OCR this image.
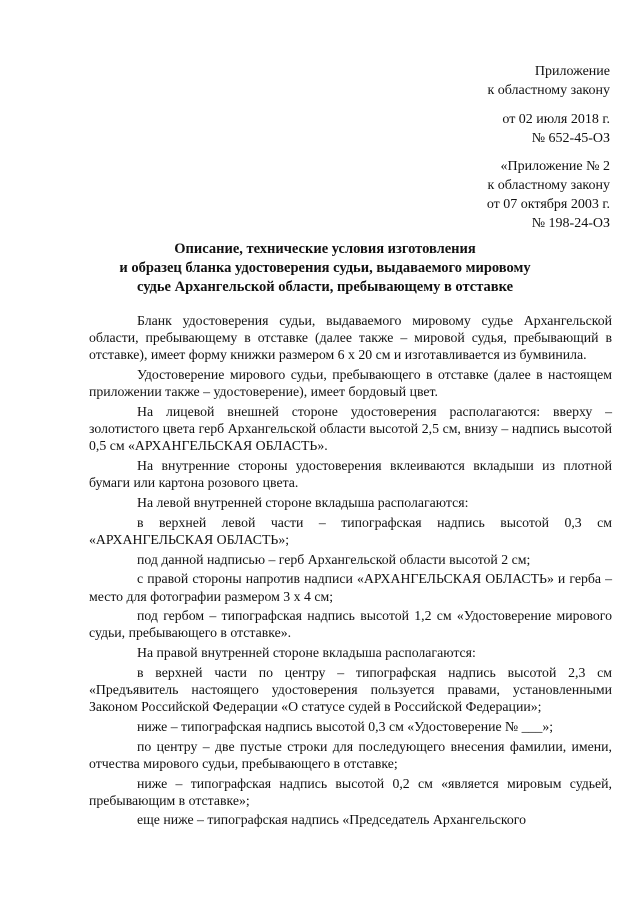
Приложение
к областному закону
от 02 июля 2018 г.
№ 652-45-ОЗ
«Приложение № 2
к областному закону
от 07 октября 2003 г.
№ 198-24-ОЗ
Описание, технические условия изготовления
и образец бланка удостоверения судьи, выдаваемого мировому
судье Архангельской области, пребывающему в отставке

Бланк удостоверения судьи, выдаваемого мировому судье Архангельской области, пребывающему в отставке (далее также – мировой судья, пребывающий в отставке), имеет форму книжки размером 6 х 20 см и изготавливается из бумвинила.

Удостоверение мирового судьи, пребывающего в отставке (далее в настоящем приложении также – удостоверение), имеет бордовый цвет.

На лицевой внешней стороне удостоверения располагаются: вверху – золотистого цвета герб Архангельской области высотой 2,5 см, внизу – надпись высотой 0,5 см «АРХАНГЕЛЬСКАЯ ОБЛАСТЬ».

На внутренние стороны удостоверения вклеиваются вкладыши из плотной бумаги или картона розового цвета.

На левой внутренней стороне вкладыша располагаются:

в верхней левой части – типографская надпись высотой 0,3 см «АРХАНГЕЛЬСКАЯ ОБЛАСТЬ»;

под данной надписью – герб Архангельской области высотой 2 см;

с правой стороны напротив надписи «АРХАНГЕЛЬСКАЯ ОБЛАСТЬ» и герба – место для фотографии размером 3 х 4 см;

под гербом – типографская надпись высотой 1,2 см «Удостоверение мирового судьи, пребывающего в отставке».

На правой внутренней стороне вкладыша располагаются:

в верхней части по центру – типографская надпись высотой 2,3 см «Предъявитель настоящего удостоверения пользуется правами, установленными Законом Российской Федерации «О статусе судей в Российской Федерации»;

ниже – типографская надпись высотой 0,3 см «Удостоверение № ___»;

по центру – две пустые строки для последующего внесения фамилии, имени, отчества мирового судьи, пребывающего в отставке;

ниже – типографская надпись высотой 0,2 см «является мировым судьей, пребывающим в отставке»;

еще ниже – типографская надпись «Председатель Архангельского
